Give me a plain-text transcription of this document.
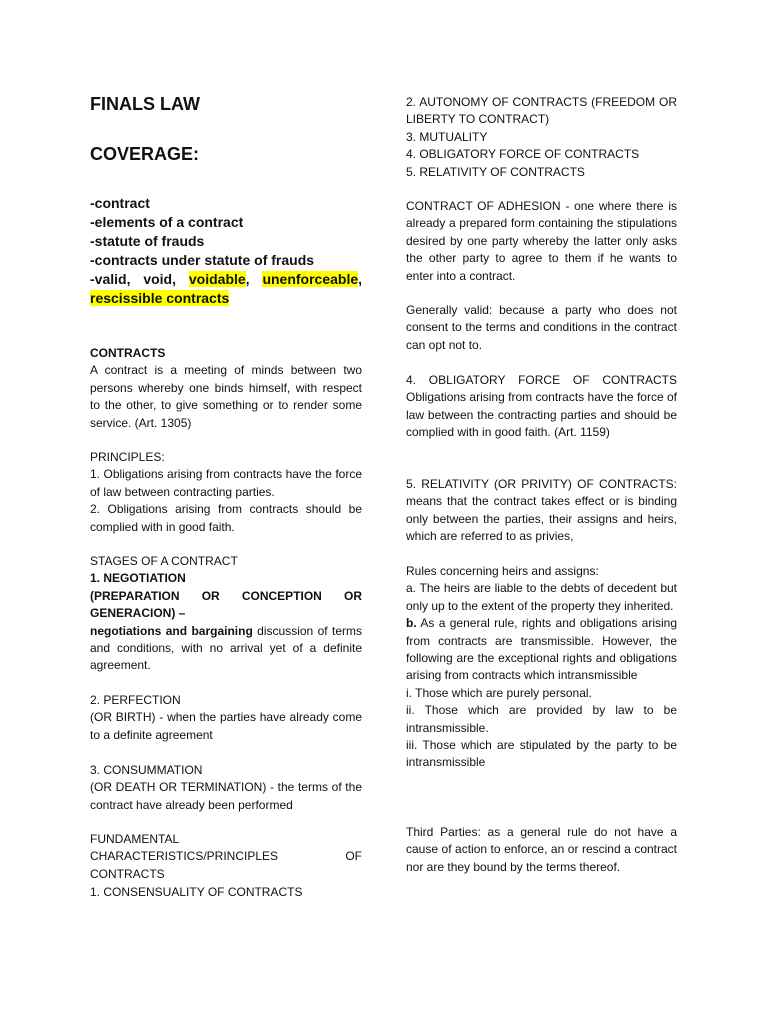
FINALS LAW
COVERAGE:
-contract
-elements of a contract
-statute of frauds
-contracts under statute of frauds
-valid, void, voidable, unenforceable,
rescissible contracts
CONTRACTS
A contract is a meeting of minds between two persons whereby one binds himself, with respect to the other, to give something or to render some service. (Art. 1305)
PRINCIPLES:
1. Obligations arising from contracts have the force of law between contracting parties.
2. Obligations arising from contracts should be complied with in good faith.
STAGES OF A CONTRACT
1. NEGOTIATION
(PREPARATION OR CONCEPTION OR
GENERACION) –
negotiations and bargaining discussion of terms and conditions, with no arrival yet of a definite agreement.
2. PERFECTION
(OR BIRTH) - when the parties have already come to a definite agreement
3. CONSUMMATION
(OR DEATH OR TERMINATION) - the terms of the contract have already been performed
FUNDAMENTAL CHARACTERISTICS/PRINCIPLES OF CONTRACTS
1. CONSENSUALITY OF CONTRACTS
2. AUTONOMY OF CONTRACTS (FREEDOM OR LIBERTY TO CONTRACT)
3. MUTUALITY
4. OBLIGATORY FORCE OF CONTRACTS
5. RELATIVITY OF CONTRACTS
CONTRACT OF ADHESION - one where there is already a prepared form containing the stipulations desired by one party whereby the latter only asks the other party to agree to them if he wants to enter into a contract.
Generally valid: because a party who does not consent to the terms and conditions in the contract can opt not to.
4. OBLIGATORY FORCE OF CONTRACTS
Obligations arising from contracts have the force of law between the contracting parties and should be complied with in good faith. (Art. 1159)
5. RELATIVITY (OR PRIVITY) OF CONTRACTS: means that the contract takes effect or is binding only between the parties, their assigns and heirs, which are referred to as privies,
Rules concerning heirs and assigns:
a. The heirs are liable to the debts of decedent but only up to the extent of the property they inherited.
b. As a general rule, rights and obligations arising from contracts are transmissible. However, the following are the exceptional rights and obligations arising from contracts which intransmissible
i. Those which are purely personal.
ii. Those which are provided by law to be intransmissible.
iii. Those which are stipulated by the party to be intransmissible
Third Parties: as a general rule do not have a cause of action to enforce, an or rescind a contract nor are they bound by the terms thereof.
